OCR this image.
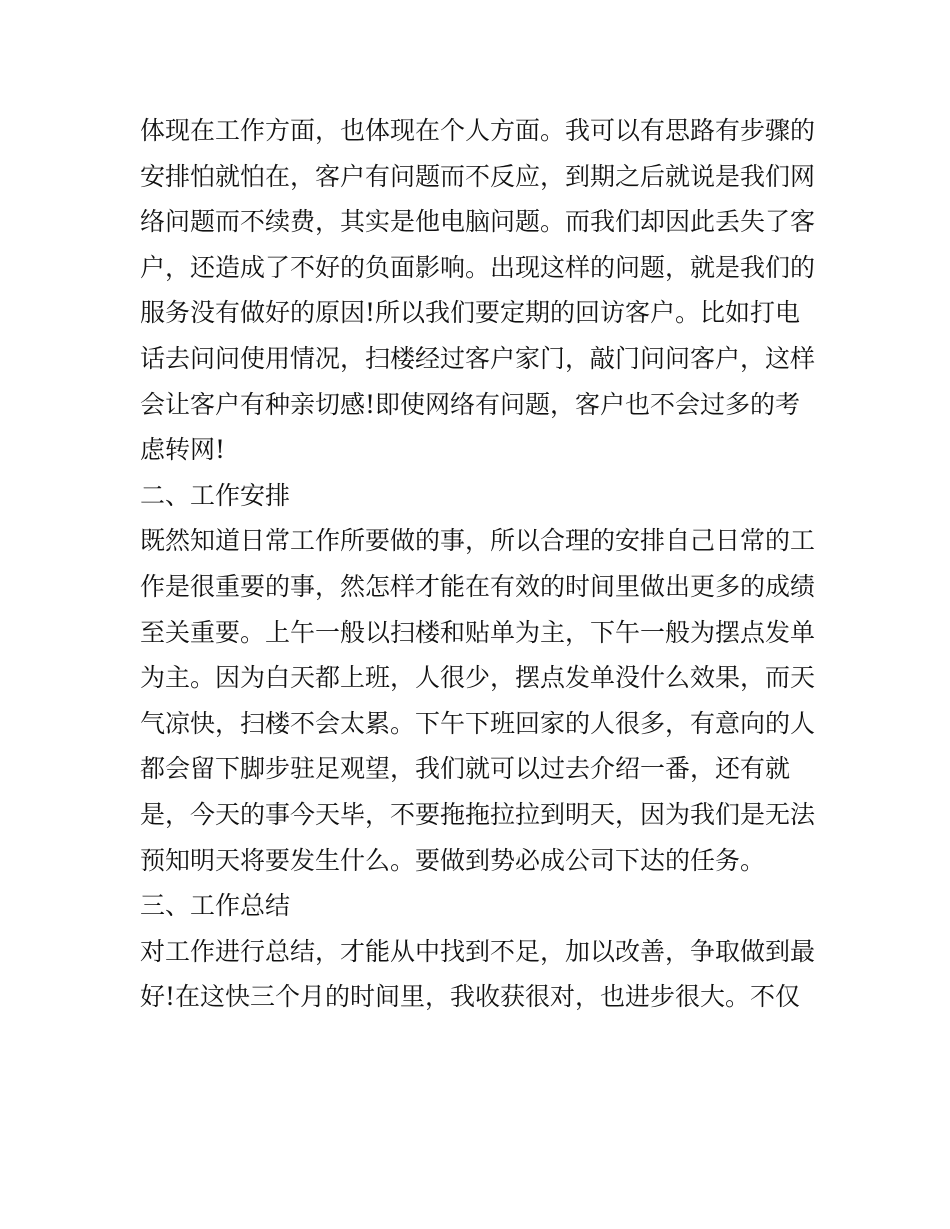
体现在工作方面，也体现在个人方面。我可以有思路有步骤的
安排怕就怕在，客户有问题而不反应，到期之后就说是我们网
络问题而不续费，其实是他电脑问题。而我们却因此丢失了客
户，还造成了不好的负面影响。出现这样的问题，就是我们的
服务没有做好的原因!所以我们要定期的回访客户。比如打电
话去问问使用情况，扫楼经过客户家门，敲门问问客户，这样
会让客户有种亲切感!即使网络有问题，客户也不会过多的考
虑转网!
二、工作安排
既然知道日常工作所要做的事，所以合理的安排自己日常的工
作是很重要的事，然怎样才能在有效的时间里做出更多的成绩
至关重要。上午一般以扫楼和贴单为主，下午一般为摆点发单
为主。因为白天都上班，人很少，摆点发单没什么效果，而天
气凉快，扫楼不会太累。下午下班回家的人很多，有意向的人
都会留下脚步驻足观望，我们就可以过去介绍一番，还有就
是，今天的事今天毕，不要拖拖拉拉到明天，因为我们是无法
预知明天将要发生什么。要做到势必成公司下达的任务。
三、工作总结
对工作进行总结，才能从中找到不足，加以改善，争取做到最
好!在这快三个月的时间里，我收获很对，也进步很大。不仅
